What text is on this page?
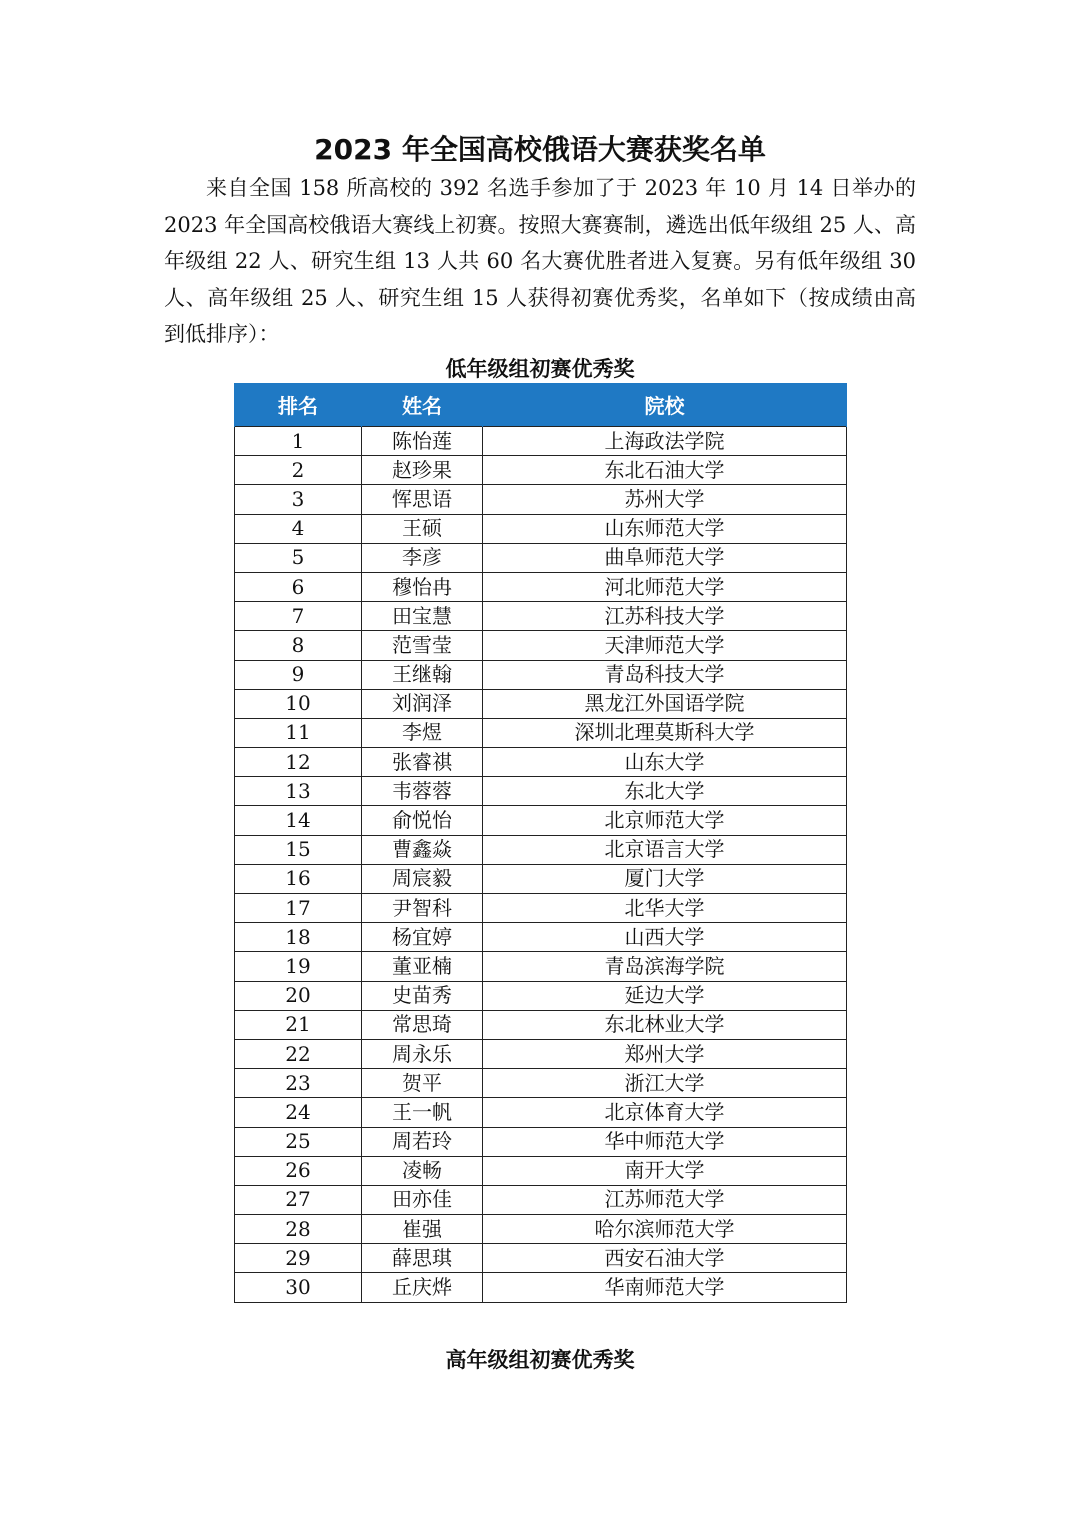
2023 年全国高校俄语大赛获奖名单

来自全国 158 所高校的 392 名选手参加了于 2023 年 10 月 14 日举办的 2023 年全国高校俄语大赛线上初赛。按照大赛赛制，遴选出低年级组 25 人、高年级组 22 人、研究生组 13 人共 60 名大赛优胜者进入复赛。另有低年级组 30 人、高年级组 25 人、研究生组 15 人获得初赛优秀奖，名单如下（按成绩由高到低排序）：

低年级组初赛优秀奖
排名	姓名	院校
1	陈怡莲	上海政法学院
2	赵珍果	东北石油大学
3	恽思语	苏州大学
4	王硕	山东师范大学
5	李彦	曲阜师范大学
6	穆怡冉	河北师范大学
7	田宝慧	江苏科技大学
8	范雪莹	天津师范大学
9	王继翰	青岛科技大学
10	刘润泽	黑龙江外国语学院
11	李煜	深圳北理莫斯科大学
12	张睿祺	山东大学
13	韦蓉蓉	东北大学
14	俞悦怡	北京师范大学
15	曹鑫焱	北京语言大学
16	周宸毅	厦门大学
17	尹智科	北华大学
18	杨宜婷	山西大学
19	董亚楠	青岛滨海学院
20	史苗秀	延边大学
21	常思琦	东北林业大学
22	周永乐	郑州大学
23	贺平	浙江大学
24	王一帆	北京体育大学
25	周若玲	华中师范大学
26	凌畅	南开大学
27	田亦佳	江苏师范大学
28	崔强	哈尔滨师范大学
29	薛思琪	西安石油大学
30	丘庆烨	华南师范大学
高年级组初赛优秀奖
